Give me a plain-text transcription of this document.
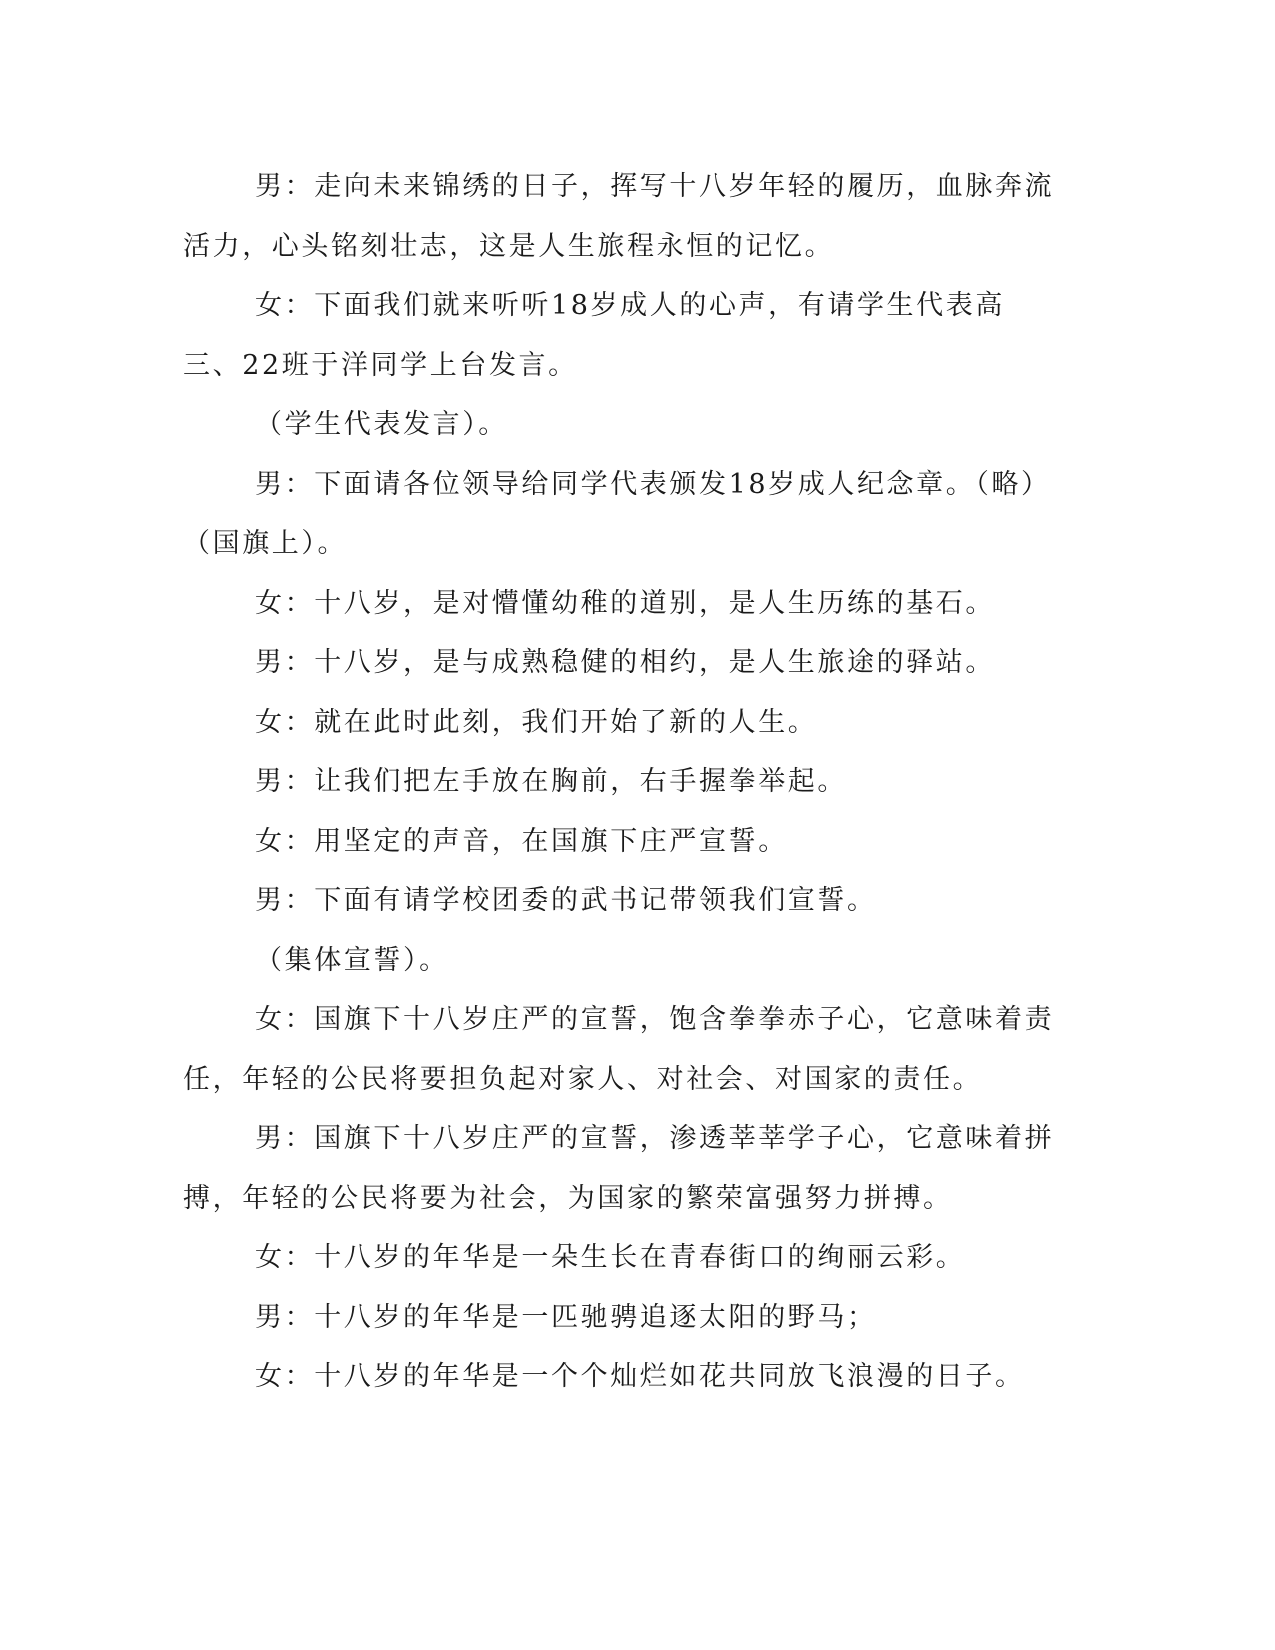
男：走向未来锦绣的日子，挥写十八岁年轻的履历，血脉奔流活力，心头铭刻壮志，这是人生旅程永恒的记忆。

女：下面我们就来听听18岁成人的心声，有请学生代表高三、22班于洋同学上台发言。

（学生代表发言）。

男：下面请各位领导给同学代表颁发18岁成人纪念章。（略）（国旗上）。

女：十八岁，是对懵懂幼稚的道别，是人生历练的基石。

男：十八岁，是与成熟稳健的相约，是人生旅途的驿站。

女：就在此时此刻，我们开始了新的人生。

男：让我们把左手放在胸前，右手握拳举起。

女：用坚定的声音，在国旗下庄严宣誓。

男：下面有请学校团委的武书记带领我们宣誓。

（集体宣誓）。

女：国旗下十八岁庄严的宣誓，饱含拳拳赤子心，它意味着责任，年轻的公民将要担负起对家人、对社会、对国家的责任。

男：国旗下十八岁庄严的宣誓，渗透莘莘学子心，它意味着拼搏，年轻的公民将要为社会，为国家的繁荣富强努力拼搏。

女：十八岁的年华是一朵生长在青春街口的绚丽云彩。

男：十八岁的年华是一匹驰骋追逐太阳的野马；

女：十八岁的年华是一个个灿烂如花共同放飞浪漫的日子。
